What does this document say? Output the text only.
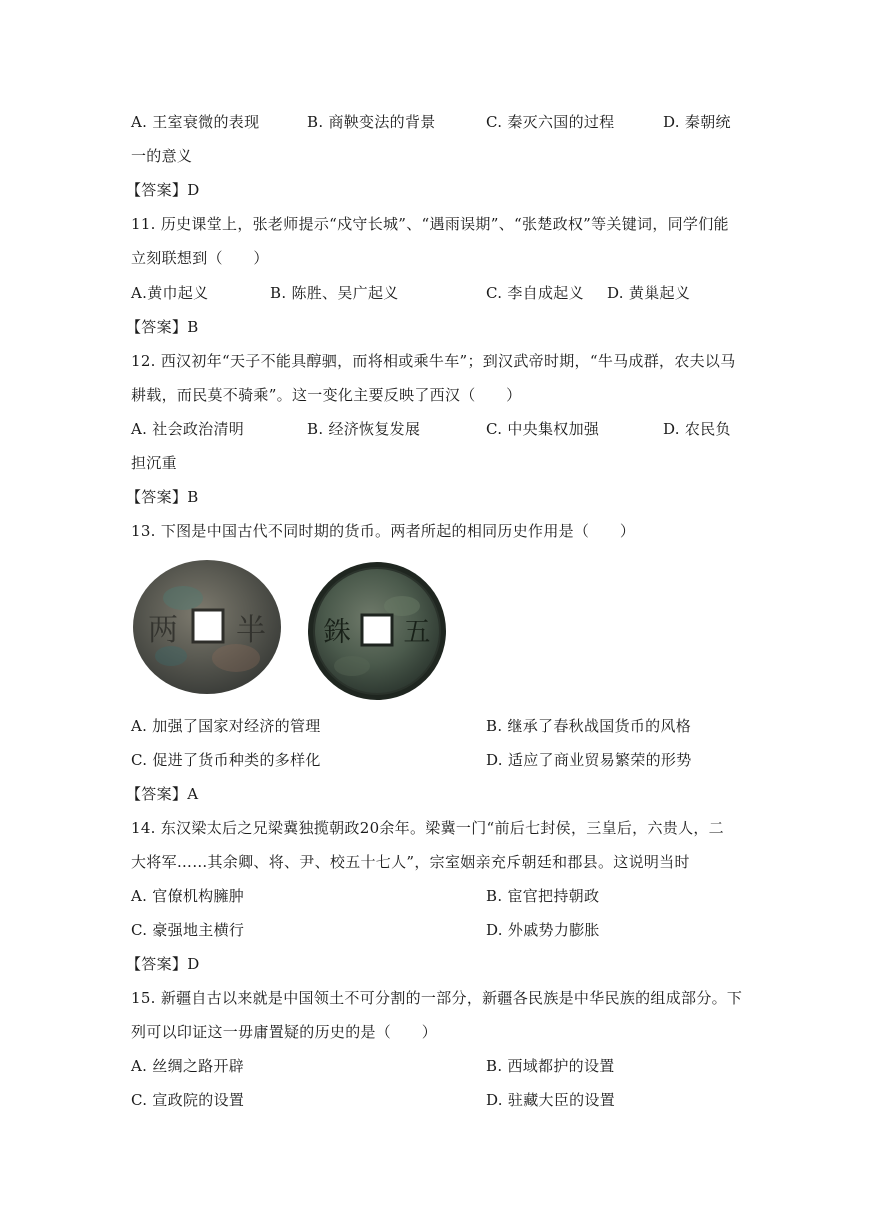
A. 王室衰微的表现	B. 商鞅变法的背景	C. 秦灭六国的过程	D. 秦朝统
一的意义
【答案】D
11. 历史课堂上，张老师提示“戍守长城”、“遇雨误期”、“张楚政权”等关键词，同学们能
立刻联想到（　　）
A.黄巾起义	B. 陈胜、吴广起义	C. 李自成起义 D. 黄巢起义
【答案】B
12. 西汉初年“天子不能具醇驷，而将相或乘牛车”；到汉武帝时期，“牛马成群，农夫以马
耕载，而民莫不骑乘”。这一变化主要反映了西汉（　　）
A. 社会政治清明	B. 经济恢复发展	C. 中央集权加强	D. 农民负
担沉重
【答案】B
13. 下图是中国古代不同时期的货币。两者所起的相同历史作用是（　　）
两 半 銖 五
A. 加强了国家对经济的管理	B. 继承了春秋战国货币的风格
C. 促进了货币种类的多样化	D. 适应了商业贸易繁荣的形势
【答案】A
14. 东汉梁太后之兄梁冀独揽朝政20余年。梁冀一门“前后七封侯，三皇后，六贵人，二
大将军……其余卿、将、尹、校五十七人”，宗室姻亲充斥朝廷和郡县。这说明当时
A. 官僚机构臃肿	B. 宦官把持朝政
C. 豪强地主横行	D. 外戚势力膨胀
【答案】D
15. 新疆自古以来就是中国领土不可分割的一部分，新疆各民族是中华民族的组成部分。下
列可以印证这一毋庸置疑的历史的是（　　）
A. 丝绸之路开辟	B. 西域都护的设置
C. 宣政院的设置	D. 驻藏大臣的设置
